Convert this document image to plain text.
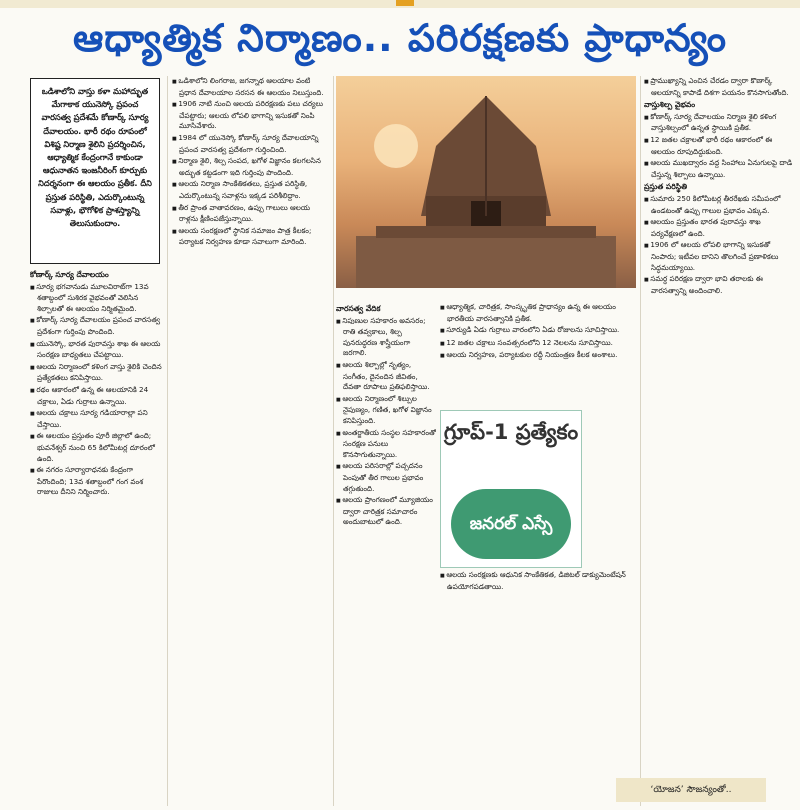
ఆధ్యాత్మిక నిర్మాణం.. పరిరక్షణకు ప్రాధాన్యం
ఒడిశాలోని వాస్తు కళా మహాద్భుత మేగాకాక యునెస్కో ప్రపంచ వారసత్వ ప్రదేశమే కోణార్క్ సూర్య దేవాలయం. భారీ రథం రూపంలో విశిష్ట నిర్మాణ శైలిని ప్రదర్శించిన, ఆధ్యాత్మిక కేంద్రంగానే కాకుండా ఆధునాతన ఇంజనీరింగ్ కూర్పుకు నిదర్శనంగా ఈ ఆలయం ప్రతీక. దీని ప్రస్తుత పరిస్థితి, ఎదుర్కొంటున్న సవాళ్లు, భౌగోళిక ప్రాశస్త్యాన్ని తెలుసుకుందాం.
కోణార్క్ సూర్య దేవాలయం

■ సూర్య భగవానుడు మూలవిరాట్‌గా 13వ శతాబ్దంలో సుశిరక వైభవంతో వెలిసిన శిల్పాలతో ఈ ఆలయం నిర్మితమైంది.

■ కోణార్క్ సూర్య దేవాలయం ప్రపంచ వారసత్వ ప్రదేశంగా గుర్తింపు పొందింది.

■ యునెస్కో, భారత పురావస్తు శాఖ ఈ ఆలయ సంరక్షణ బాధ్యతలు చేపట్టాయి.

■ ఆలయ నిర్మాణంలో కళింగ వాస్తు శైలికి చెందిన ప్రత్యేకతలు కనిపిస్తాయి.

■ రథం ఆకారంలో ఉన్న ఈ ఆలయానికి 24 చక్రాలు, ఏడు గుర్రాలు ఉన్నాయి.

■ ఆలయ చక్రాలు సూర్య గడియారాల్లా పని చేస్తాయి.

■ ఈ ఆలయం ప్రస్తుతం పూరీ జిల్లాలో ఉంది; భువనేశ్వర్ నుంచి 65 కిలోమీటర్ల దూరంలో ఉంది.

■ ఈ నగరం సూర్యారాధనకు కేంద్రంగా పేరొందింది; 13వ శతాబ్దంలో గంగ వంశ రాజులు దీనిని నిర్మించారు.

■ ఒడిశాలోని లింగరాజ, జగన్నాథ ఆలయాల వంటి ప్రధాన దేవాలయాల సరసన ఈ ఆలయం నిలుస్తుంది.

■ 1906 నాటి నుంచి ఆలయ పరిరక్షణకు పలు చర్యలు చేపట్టారు; ఆలయ లోపలి భాగాన్ని ఇసుకతో నింపి మూసివేశారు.

■ 1984 లో యునెస్కో కోణార్క్ సూర్య దేవాలయాన్ని ప్రపంచ వారసత్వ ప్రదేశంగా గుర్తించింది.

■ నిర్మాణ శైలి, శిల్ప సంపద, ఖగోళ విజ్ఞానం కలగలసిన అద్భుత కట్టడంగా ఇది గుర్తింపు పొందింది.

■ ఆలయ నిర్మాణ సాంకేతికతలు, ప్రస్తుత పరిస్థితి, ఎదుర్కొంటున్న సవాళ్లను ఇక్కడ పరిశీలిద్దాం.

■ తీర ప్రాంత వాతావరణం, ఉప్పు గాలులు ఆలయ రాళ్లను క్షీణింపజేస్తున్నాయి.

■ ఆలయ సంరక్షణలో స్థానిక సమాజం పాత్ర కీలకం; పర్యాటక నిర్వహణ కూడా సవాలుగా మారింది.

వారసత్వ వేదిక

■ నిపుణుల సహకారం అవసరం; రాతి తవ్వకాలు, శిల్ప పునరుద్ధరణ శాస్త్రీయంగా జరగాలి.

■ ఆలయ శిల్పాల్లో నృత్యం, సంగీతం, దైనందిన జీవితం, దేవతా రూపాలు ప్రతిఫలిస్తాయి.

■ ఆలయ నిర్మాణంలో శిల్పుల నైపుణ్యం, గణిత, ఖగోళ విజ్ఞానం కనిపిస్తుంది.

■ అంతర్జాతీయ సంస్థల సహకారంతో సంరక్షణ పనులు కొనసాగుతున్నాయి.

■ ఆలయ పరిసరాల్లో పచ్చదనం పెంపుతో తీర గాలుల ప్రభావం తగ్గుతుంది.

■ ఆలయ ప్రాంగణంలో మ్యూజియం ద్వారా చారిత్రక సమాచారం అందుబాటులో ఉంది.

■ ఆధ్యాత్మిక, చారిత్రక, సాంస్కృతిక ప్రాధాన్యం ఉన్న ఈ ఆలయం భారతీయ వారసత్వానికి ప్రతీక.

■ సూర్యుడి ఏడు గుర్రాలు వారంలోని ఏడు రోజులను సూచిస్తాయి.

■ 12 జతల చక్రాలు సంవత్సరంలోని 12 నెలలను సూచిస్తాయి.

■ ఆలయ నిర్వహణ, పర్యాటకుల రద్దీ నియంత్రణ కీలక అంశాలు.

గ్రూప్‌-1 ప్రత్యేకం
జనరల్‌ ఎస్సే

■ ఆలయ సంరక్షణకు ఆధునిక సాంకేతికత, డిజిటల్ డాక్యుమెంటేషన్ ఉపయోగపడతాయి.

■ ప్రాముఖ్యాన్ని ఎంచిన చేరడం ద్వారా కొణార్క్ ఆలయాన్ని కాపాడే దిశగా పయనం కొనసాగుతోంది.

వాస్తుశిల్ప వైభవం

■ కోణార్క్ సూర్య దేవాలయం నిర్మాణ శైలి కళింగ వాస్తుశిల్పంలో ఉన్నత స్థాయికి ప్రతీక.

■ 12 జతల చక్రాలతో భారీ రథం ఆకారంలో ఈ ఆలయం రూపుదిద్దుకుంది.

■ ఆలయ ముఖద్వారం వద్ద సింహాలు ఏనుగులపై దాడి చేస్తున్న శిల్పాలు ఉన్నాయి.

ప్రస్తుత పరిస్థితి

■ సుమారు 250 కిలోమీటర్ల తీరరేఖకు సమీపంలో ఉండటంతో ఉప్పు గాలుల ప్రభావం ఎక్కువ.

■ ఆలయం ప్రస్తుతం భారత పురావస్తు శాఖ పర్యవేక్షణలో ఉంది.

■ 1906 లో ఆలయ లోపలి భాగాన్ని ఇసుకతో నింపారు; ఇటీవల దానిని తొలగించే ప్రణాళికలు సిద్ధమయ్యాయి.

■ సమర్థ పరిరక్షణ ద్వారా భావి తరాలకు ఈ వారసత్వాన్ని అందించాలి.

‘యోజన’ సౌజన్యంతో..
